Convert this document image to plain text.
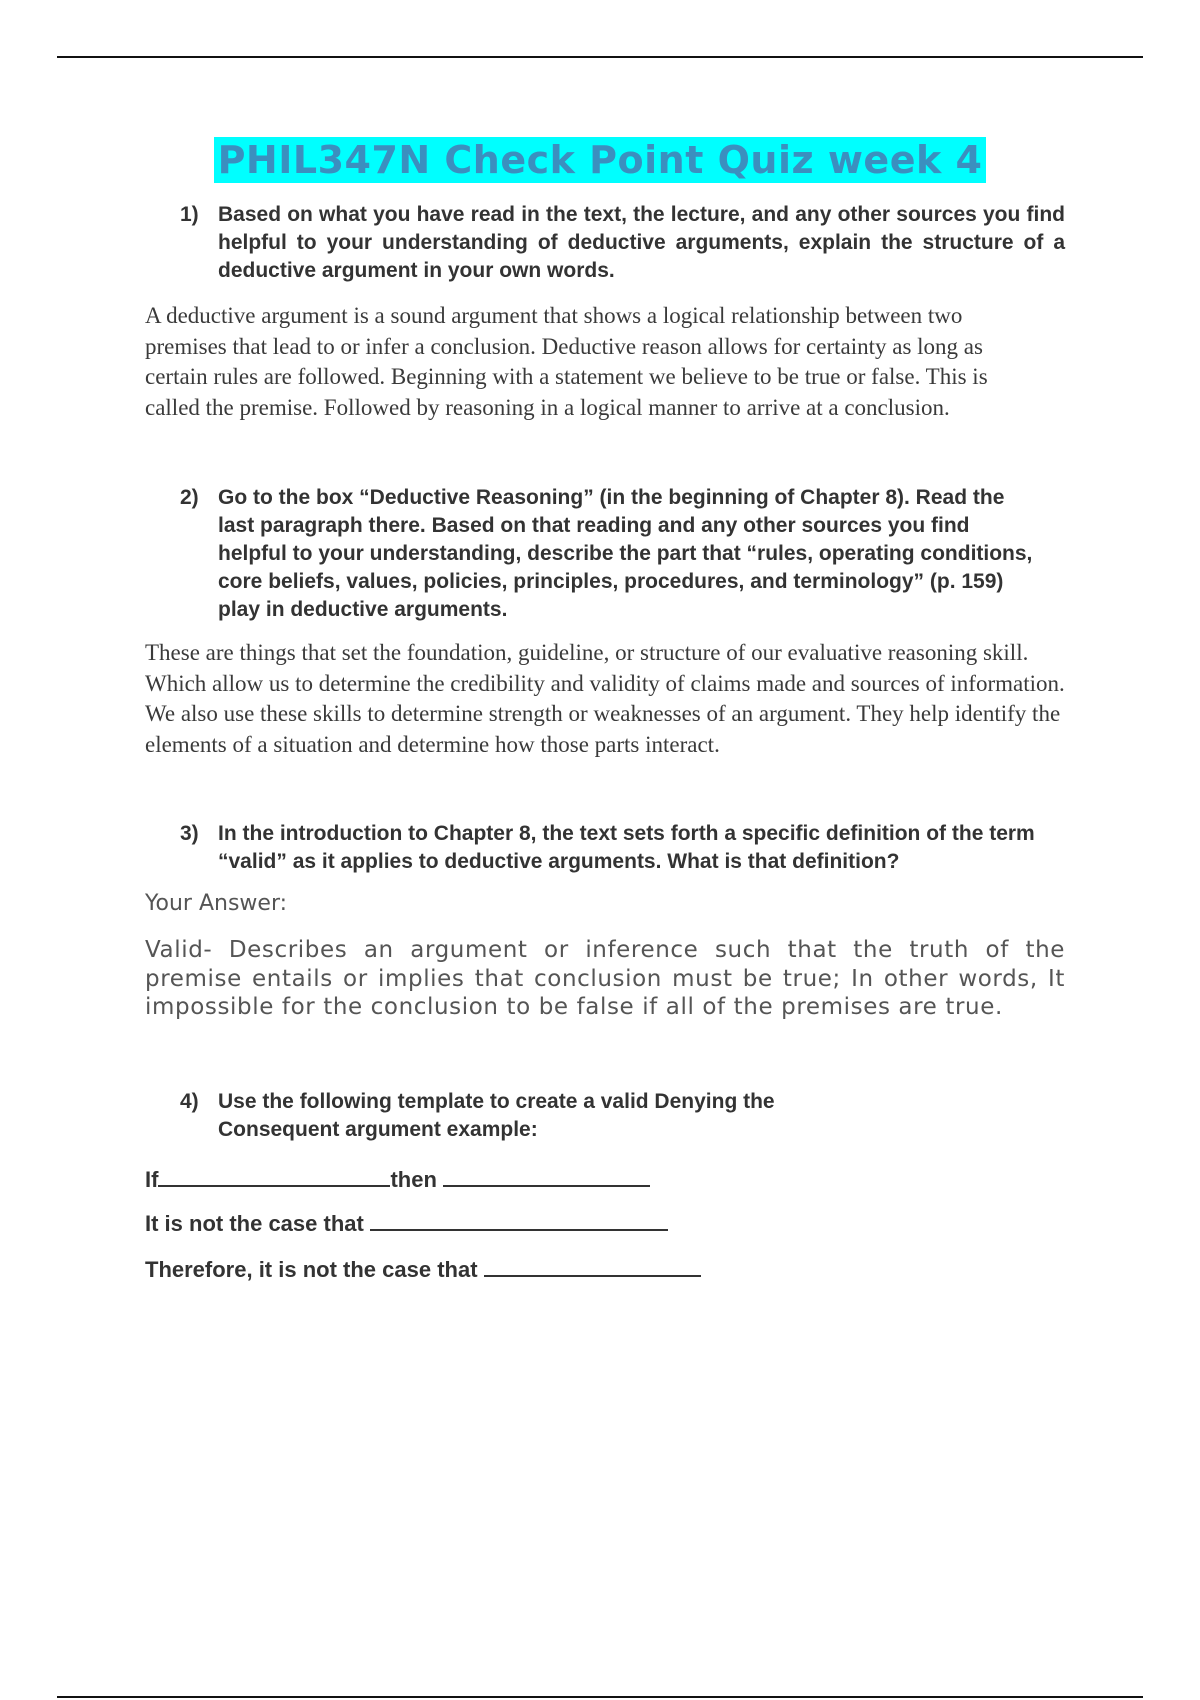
PHIL347N Check Point Quiz week 4
1) Based on what you have read in the text, the lecture, and any other sources you find helpful to your understanding of deductive arguments, explain the structure of a deductive argument in your own words.
A deductive argument is a sound argument that shows a logical relationship between two premises that lead to or infer a conclusion. Deductive reason allows for certainty as long as certain rules are followed. Beginning with a statement we believe to be true or false. This is called the premise. Followed by reasoning in a logical manner to arrive at a conclusion.
2) Go to the box “Deductive Reasoning” (in the beginning of Chapter 8). Read the last paragraph there. Based on that reading and any other sources you find helpful to your understanding, describe the part that “rules, operating conditions, core beliefs, values, policies, principles, procedures, and terminology” (p. 159) play in deductive arguments.
These are things that set the foundation, guideline, or structure of our evaluative reasoning skill. Which allow us to determine the credibility and validity of claims made and sources of information. We also use these skills to determine strength or weaknesses of an argument. They help identify the elements of a situation and determine how those parts interact.
3) In the introduction to Chapter 8, the text sets forth a specific definition of the term “valid” as it applies to deductive arguments. What is that definition?
Your Answer:
Valid- Describes an argument or inference such that the truth of the premise entails or implies that conclusion must be true; In other words, It impossible for the conclusion to be false if all of the premises are true.
4) Use the following template to create a valid Denying the Consequent argument example:
If	then
It is not the case that
Therefore, it is not the case that
